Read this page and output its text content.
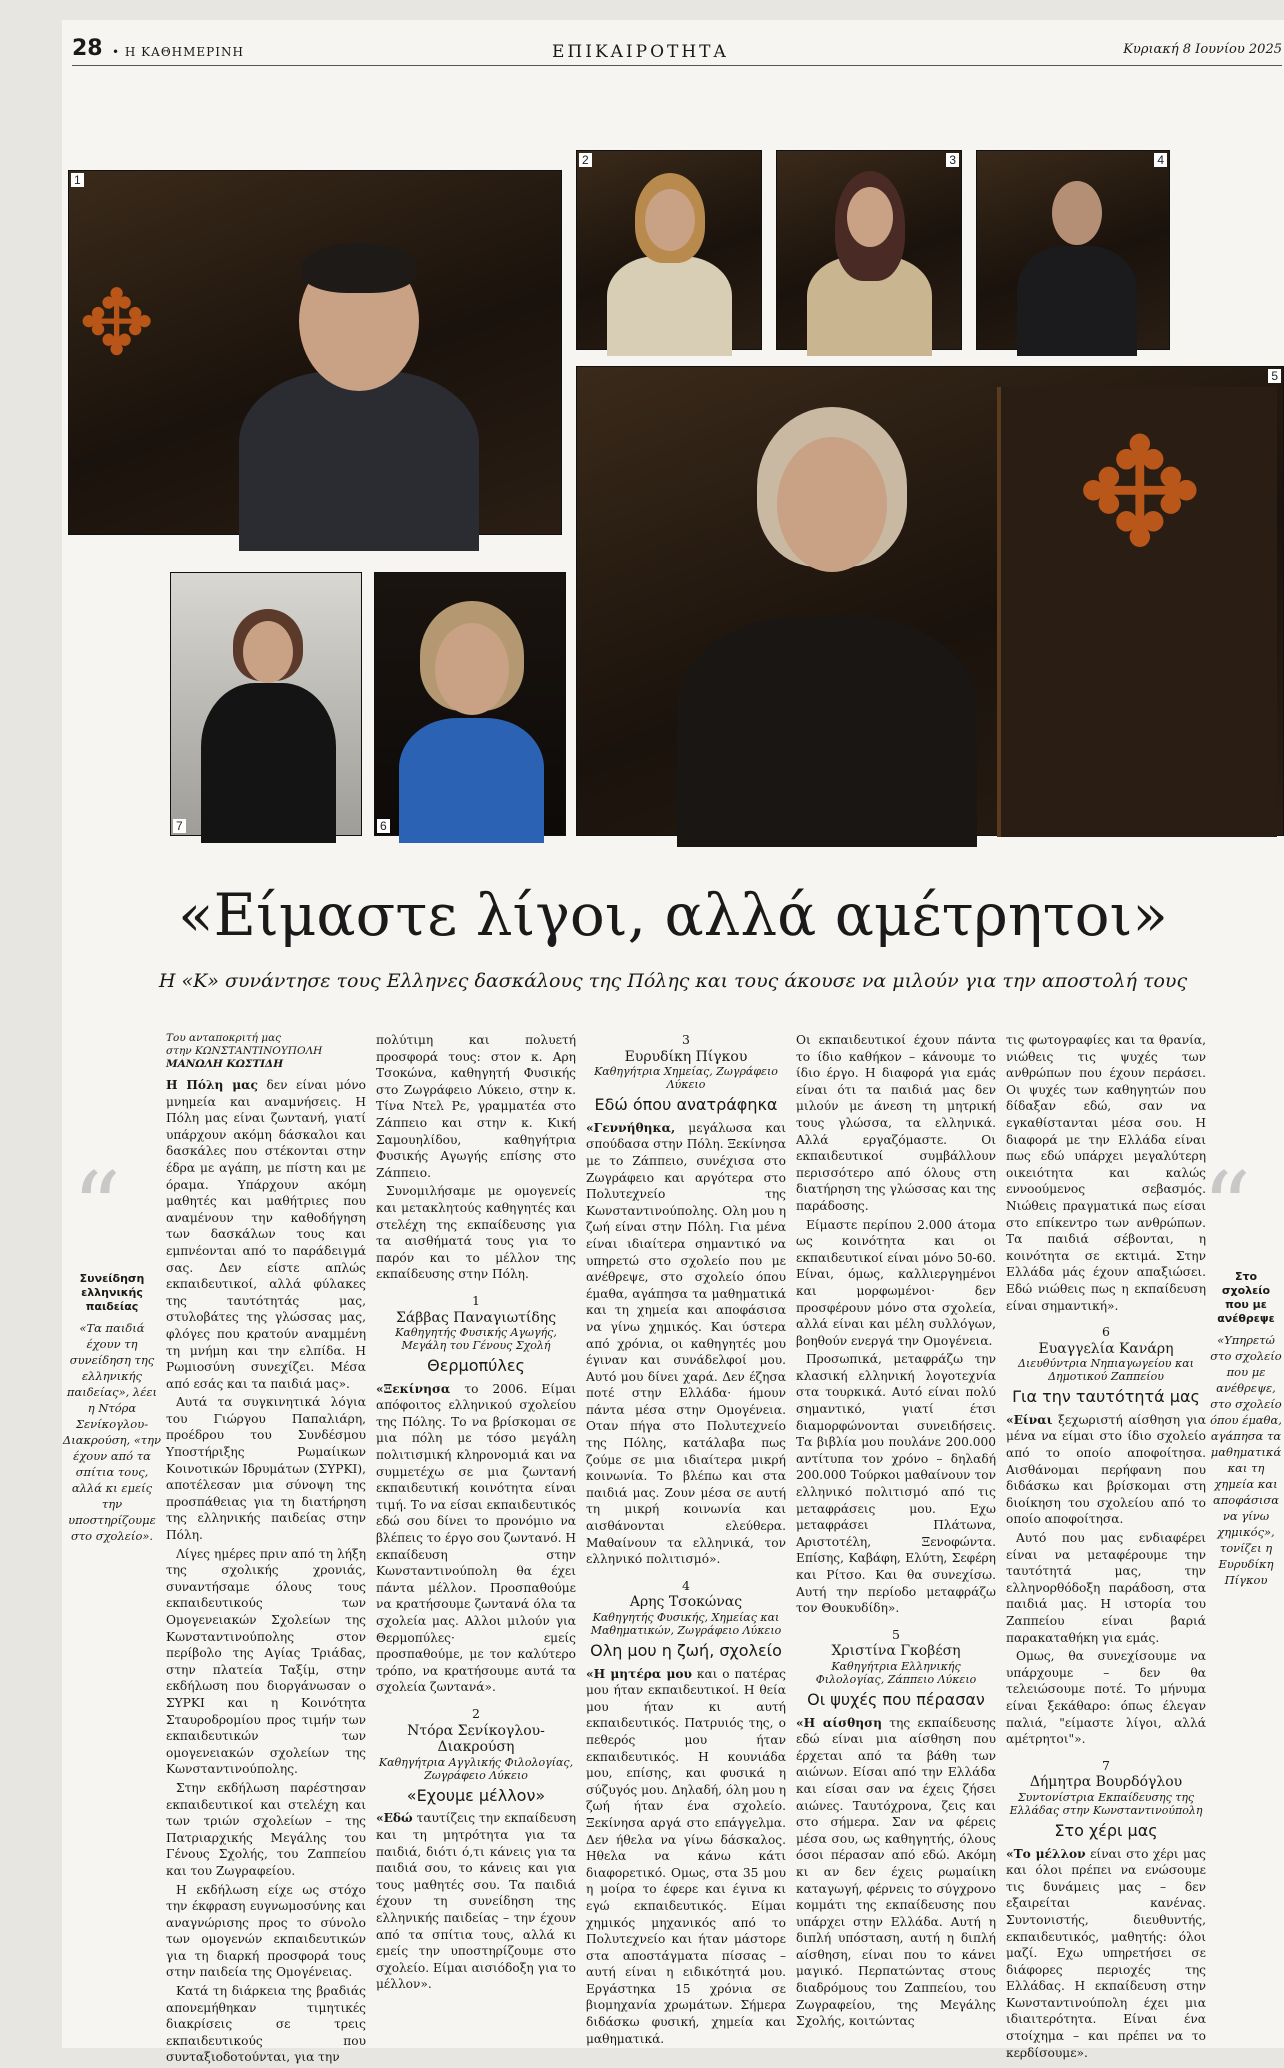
28 • Η ΚΑΘΗΜΕΡΙΝΗ	ΕΠΙΚΑΙΡΟΤΗΤΑ	Κυριακή 8 Ιουνίου 2025
✥
1
2	3	4
✥
5
6
7
«Είμαστε λίγοι, αλλά αμέτρητοι»
Η «Κ» συνάντησε τους Ελληνες δασκάλους της Πόλης και τους άκουσε να μιλούν για την αποστολή τους
“
Συνείδηση ελληνικής παιδείας
«Τα παιδιά έχουν τη συνείδηση της ελληνικής παιδείας», λέει η Ντόρα Σενίκογλου-Διακρούση, «την έχουν από τα σπίτια τους, αλλά κι εμείς την υποστηρίζουμε στο σχολείο».
Του ανταποκριτή μας
στην ΚΩΝΣΤΑΝΤΙΝΟΥΠΟΛΗ
ΜΑΝΩΛΗ ΚΩΣΤΙΔΗ

Η Πόλη μας δεν είναι μόνο μνημεία και αναμνήσεις. Η Πόλη μας είναι ζωντανή, γιατί υπάρχουν ακόμη δάσκαλοι και δασκάλες που στέκονται στην έδρα με αγάπη, με πίστη και με όραμα. Υπάρχουν ακόμη μαθητές και μαθήτριες που αναμένουν την καθοδήγηση των δασκάλων τους και εμπνέονται από το παράδειγμά σας. Δεν είστε απλώς εκπαιδευτικοί, αλλά φύλακες της ταυτότητάς μας, στυλοβάτες της γλώσσας μας, φλόγες που κρατούν αναμμένη τη μνήμη και την ελπίδα. Η Ρωμιοσύνη συνεχίζει. Μέσα από εσάς και τα παιδιά μας».

Αυτά τα συγκινητικά λόγια του Γιώργου Παπαλιάρη, προέδρου του Συνδέσμου Υποστήριξης Ρωμαίικων Κοινοτικών Ιδρυμάτων (ΣΥΡΚΙ), αποτέλεσαν μια σύνοψη της προσπάθειας για τη διατήρηση της ελληνικής παιδείας στην Πόλη.

Λίγες ημέρες πριν από τη λήξη της σχολικής χρονιάς, συναντήσαμε όλους τους εκπαιδευτικούς των Ομογενειακών Σχολείων της Κωνσταντινούπολης στον περίβολο της Αγίας Τριάδας, στην πλατεία Ταξίμ, στην εκδήλωση που διοργάνωσαν ο ΣΥΡΚΙ και η Κοινότητα Σταυροδρομίου προς τιμήν των εκπαιδευτικών των ομογενειακών σχολείων της Κωνσταντινούπολης.

Στην εκδήλωση παρέστησαν εκπαιδευτικοί και στελέχη και των τριών σχολείων – της Πατριαρχικής Μεγάλης του Γένους Σχολής, του Ζαππείου και του Ζωγραφείου.

Η εκδήλωση είχε ως στόχο την έκφραση ευγνωμοσύνης και αναγνώρισης προς το σύνολο των ομογενών εκπαιδευτικών για τη διαρκή προσφορά τους στην παιδεία της Ομογένειας.

Κατά τη διάρκεια της βραδιάς απονεμήθηκαν τιμητικές διακρίσεις σε τρεις εκπαιδευτικούς που συνταξιοδοτούνται, για την

πολύτιμη και πολυετή προσφορά τους: στον κ. Αρη Τσοκώνα, καθηγητή Φυσικής στο Ζωγράφειο Λύκειο, στην κ. Τίνα Ντελ Ρε, γραμματέα στο Ζάππειο και στην κ. Κική Σαμουηλίδου, καθηγήτρια Φυσικής Αγωγής επίσης στο Ζάππειο.

Συνομιλήσαμε με ομογενείς και μετακλητούς καθηγητές και στελέχη της εκπαίδευσης για τα αισθήματά τους για το παρόν και το μέλλον της εκπαίδευσης στην Πόλη.

1
Σάββας Παναγιωτίδης
Καθηγητής Φυσικής Αγωγής, Μεγάλη του Γένους Σχολή
Θερμοπύλες

«Ξεκίνησα το 2006. Είμαι απόφοιτος ελληνικού σχολείου της Πόλης. Το να βρίσκομαι σε μια πόλη με τόσο μεγάλη πολιτισμική κληρονομιά και να συμμετέχω σε μια ζωντανή εκπαιδευτική κοινότητα είναι τιμή. Το να είσαι εκπαιδευτικός εδώ σου δίνει το προνόμιο να βλέπεις το έργο σου ζωντανό. Η εκπαίδευση στην Κωνσταντινούπολη θα έχει πάντα μέλλον. Προσπαθούμε να κρατήσουμε ζωντανά όλα τα σχολεία μας. Αλλοι μιλούν για Θερμοπύλες· εμείς προσπαθούμε, με τον καλύτερο τρόπο, να κρατήσουμε αυτά τα σχολεία ζωντανά».

2
Ντόρα Σενίκογλου-Διακρούση
Καθηγήτρια Αγγλικής Φιλολογίας, Ζωγράφειο Λύκειο
«Εχουμε μέλλον»

«Εδώ ταυτίζεις την εκπαίδευση και τη μητρότητα για τα παιδιά, διότι ό,τι κάνεις για τα παιδιά σου, το κάνεις και για τους μαθητές σου. Τα παιδιά έχουν τη συνείδηση της ελληνικής παιδείας – την έχουν από τα σπίτια τους, αλλά κι εμείς την υποστηρίζουμε στο σχολείο. Είμαι αισιόδοξη για το μέλλον».

3
Ευρυδίκη Πίγκου
Καθηγήτρια Χημείας, Ζωγράφειο Λύκειο
Εδώ όπου ανατράφηκα

«Γεννήθηκα, μεγάλωσα και σπούδασα στην Πόλη. Ξεκίνησα με το Ζάππειο, συνέχισα στο Ζωγράφειο και αργότερα στο Πολυτεχνείο της Κωνσταντινούπολης. Ολη μου η ζωή είναι στην Πόλη. Για μένα είναι ιδιαίτερα σημαντικό να υπηρετώ στο σχολείο που με ανέθρεψε, στο σχολείο όπου έμαθα, αγάπησα τα μαθηματικά και τη χημεία και αποφάσισα να γίνω χημικός. Και ύστερα από χρόνια, οι καθηγητές μου έγιναν και συνάδελφοί μου. Αυτό μου δίνει χαρά. Δεν έζησα ποτέ στην Ελλάδα· ήμουν πάντα μέσα στην Ομογένεια. Οταν πήγα στο Πολυτεχνείο της Πόλης, κατάλαβα πως ζούμε σε μια ιδιαίτερα μικρή κοινωνία. Το βλέπω και στα παιδιά μας. Ζουν μέσα σε αυτή τη μικρή κοινωνία και αισθάνονται ελεύθερα. Μαθαίνουν τα ελληνικά, τον ελληνικό πολιτισμό».

4
Αρης Τσοκώνας
Καθηγητής Φυσικής, Χημείας και Μαθηματικών, Ζωγράφειο Λύκειο
Ολη μου η ζωή, σχολείο

«Η μητέρα μου και ο πατέρας μου ήταν εκπαιδευτικοί. Η θεία μου ήταν κι αυτή εκπαιδευτικός. Πατρυιός της, ο πεθερός μου ήταν εκπαιδευτικός. Η κουνιάδα μου, επίσης, και φυσικά η σύζυγός μου. Δηλαδή, όλη μου η ζωή ήταν ένα σχολείο. Ξεκίνησα αργά στο επάγγελμα. Δεν ήθελα να γίνω δάσκαλος. Ηθελα να κάνω κάτι διαφορετικό. Ομως, στα 35 μου η μοίρα το έφερε και έγινα κι εγώ εκπαιδευτικός. Είμαι χημικός μηχανικός από το Πολυτεχνείο και ήταν μάστορε στα αποστάγματα πίσσας – αυτή είναι η ειδικότητά μου. Εργάστηκα 15 χρόνια σε βιομηχανία χρωμάτων. Σήμερα διδάσκω φυσική, χημεία και μαθηματικά.

Οι εκπαιδευτικοί έχουν πάντα το ίδιο καθήκον – κάνουμε το ίδιο έργο. Η διαφορά για εμάς είναι ότι τα παιδιά μας δεν μιλούν με άνεση τη μητρική τους γλώσσα, τα ελληνικά. Αλλά εργαζόμαστε. Οι εκπαιδευτικοί συμβάλλουν περισσότερο από όλους στη διατήρηση της γλώσσας και της παράδοσης.

Είμαστε περίπου 2.000 άτομα ως κοινότητα και οι εκπαιδευτικοί είναι μόνο 50-60. Είναι, όμως, καλλιεργημένοι και μορφωμένοι· δεν προσφέρουν μόνο στα σχολεία, αλλά είναι και μέλη συλλόγων, βοηθούν ενεργά την Ομογένεια.

Προσωπικά, μεταφράζω την κλασική ελληνική λογοτεχνία στα τουρκικά. Αυτό είναι πολύ σημαντικό, γιατί έτσι διαμορφώνονται συνειδήσεις. Τα βιβλία μου πουλάνε 200.000 αντίτυπα τον χρόνο – δηλαδή 200.000 Τούρκοι μαθαίνουν τον ελληνικό πολιτισμό από τις μεταφράσεις μου. Εχω μεταφράσει Πλάτωνα, Αριστοτέλη, Ξενοφώντα. Επίσης, Καβάφη, Ελύτη, Σεφέρη και Ρίτσο. Και θα συνεχίσω. Αυτή την περίοδο μεταφράζω τον Θουκυδίδη».

5
Χριστίνα Γκοβέση
Καθηγήτρια Ελληνικής Φιλολογίας, Ζάππειο Λύκειο
Οι ψυχές που πέρασαν

«Η αίσθηση της εκπαίδευσης εδώ είναι μια αίσθηση που έρχεται από τα βάθη των αιώνων. Είσαι από την Ελλάδα και είσαι σαν να έχεις ζήσει αιώνες. Ταυτόχρονα, ζεις και στο σήμερα. Σαν να φέρεις μέσα σου, ως καθηγητής, όλους όσοι πέρασαν από εδώ. Ακόμη κι αν δεν έχεις ρωμαίικη καταγωγή, φέρνεις το σύγχρονο κομμάτι της εκπαίδευσης που υπάρχει στην Ελλάδα. Αυτή η διπλή υπόσταση, αυτή η διπλή αίσθηση, είναι που το κάνει μαγικό. Περπατώντας στους διαδρόμους του Ζαππείου, του Ζωγραφείου, της Μεγάλης Σχολής, κοιτώντας

τις φωτογραφίες και τα θρανία, νιώθεις τις ψυχές των ανθρώπων που έχουν περάσει. Οι ψυχές των καθηγητών που δίδαξαν εδώ, σαν να εγκαθίστανται μέσα σου. Η διαφορά με την Ελλάδα είναι πως εδώ υπάρχει μεγαλύτερη οικειότητα και καλώς εννοούμενος σεβασμός. Νιώθεις πραγματικά πως είσαι στο επίκεντρο των ανθρώπων. Τα παιδιά σέβονται, η κοινότητα σε εκτιμά. Στην Ελλάδα μάς έχουν απαξιώσει. Εδώ νιώθεις πως η εκπαίδευση είναι σημαντική».

6
Ευαγγελία Κανάρη
Διευθύντρια Νηπιαγωγείου και Δημοτικού Ζαππείου
Για την ταυτότητά μας

«Είναι ξεχωριστή αίσθηση για μένα να είμαι στο ίδιο σχολείο από το οποίο αποφοίτησα. Αισθάνομαι περήφανη που διδάσκω και βρίσκομαι στη διοίκηση του σχολείου από το οποίο αποφοίτησα.

Αυτό που μας ενδιαφέρει είναι να μεταφέρουμε την ταυτότητά μας, την ελληνορθόδοξη παράδοση, στα παιδιά μας. Η ιστορία του Ζαππείου είναι βαριά παρακαταθήκη για εμάς.

Ομως, θα συνεχίσουμε να υπάρχουμε – δεν θα τελειώσουμε ποτέ. Το μήνυμα είναι ξεκάθαρο: όπως έλεγαν παλιά, "είμαστε λίγοι, αλλά αμέτρητοι"».

7
Δήμητρα Βουρδόγλου
Συντονίστρια Εκπαίδευσης της Ελλάδας στην Κωνσταντινούπολη
Στο χέρι μας

«Το μέλλον είναι στο χέρι μας και όλοι πρέπει να ενώσουμε τις δυνάμεις μας – δεν εξαιρείται κανένας. Συντονιστής, διευθυντής, εκπαιδευτικός, μαθητής: όλοι μαζί. Εχω υπηρετήσει σε διάφορες περιοχές της Ελλάδας. Η εκπαίδευση στην Κωνσταντινούπολη έχει μια ιδιαιτερότητα. Είναι ένα στοίχημα – και πρέπει να το κερδίσουμε».

“
Στο σχολείο που με ανέθρεψε
«Υπηρετώ στο σχολείο που με ανέθρεψε, στο σχολείο όπου έμαθα, αγάπησα τα μαθηματικά και τη χημεία και αποφάσισα να γίνω χημικός», τονίζει η Ευρυδίκη Πίγκου
